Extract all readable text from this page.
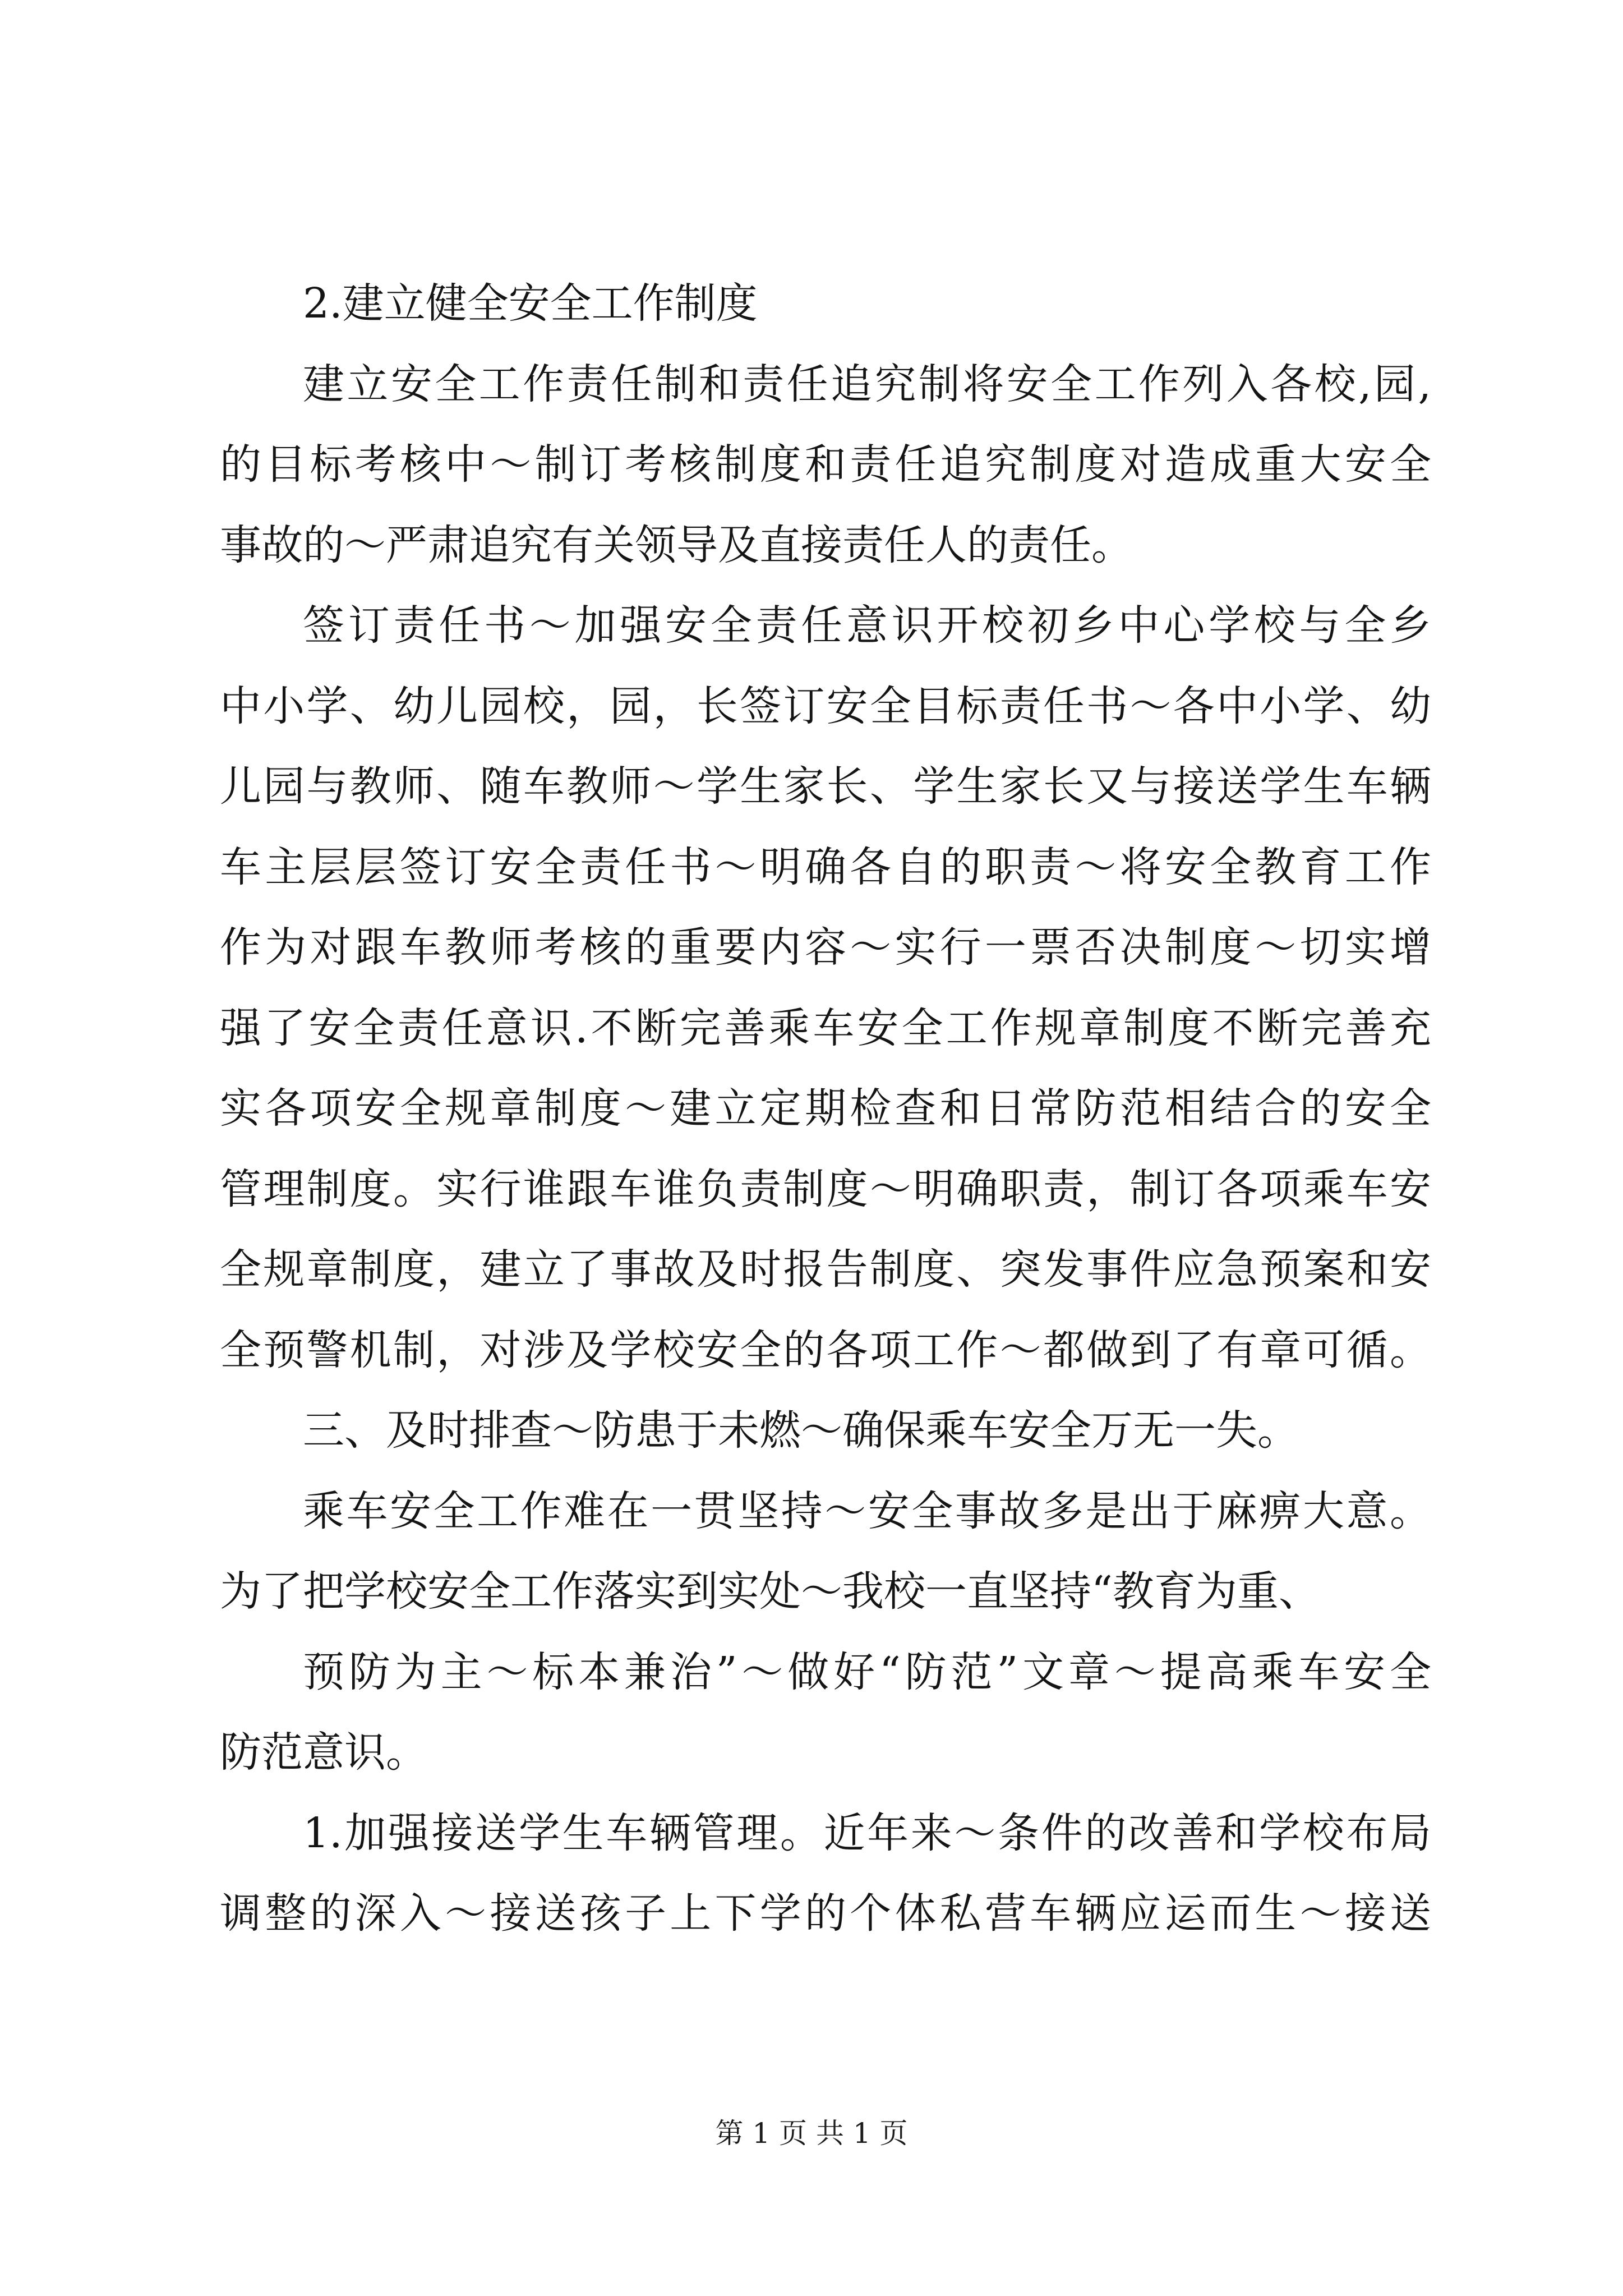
2.建立健全安全工作制度
建立安全工作责任制和责任追究制将安全工作列入各校,园,
的目标考核中～制订考核制度和责任追究制度对造成重大安全
事故的～严肃追究有关领导及直接责任人的责任。
签订责任书～加强安全责任意识开校初乡中心学校与全乡
中小学、幼儿园校，园，长签订安全目标责任书～各中小学、幼
儿园与教师、随车教师～学生家长、学生家长又与接送学生车辆
车主层层签订安全责任书～明确各自的职责～将安全教育工作
作为对跟车教师考核的重要内容～实行一票否决制度～切实增
强了安全责任意识.不断完善乘车安全工作规章制度不断完善充
实各项安全规章制度～建立定期检查和日常防范相结合的安全
管理制度。实行谁跟车谁负责制度～明确职责，制订各项乘车安
全规章制度，建立了事故及时报告制度、突发事件应急预案和安
全预警机制，对涉及学校安全的各项工作～都做到了有章可循。
三、及时排查～防患于未燃～确保乘车安全万无一失。
乘车安全工作难在一贯坚持～安全事故多是出于麻痹大意。
为了把学校安全工作落实到实处～我校一直坚持“教育为重、
预防为主～标本兼治”～做好“防范”文章～提高乘车安全
防范意识。
1.加强接送学生车辆管理。近年来～条件的改善和学校布局
调整的深入～接送孩子上下学的个体私营车辆应运而生～接送
第 1 页 共 1 页
